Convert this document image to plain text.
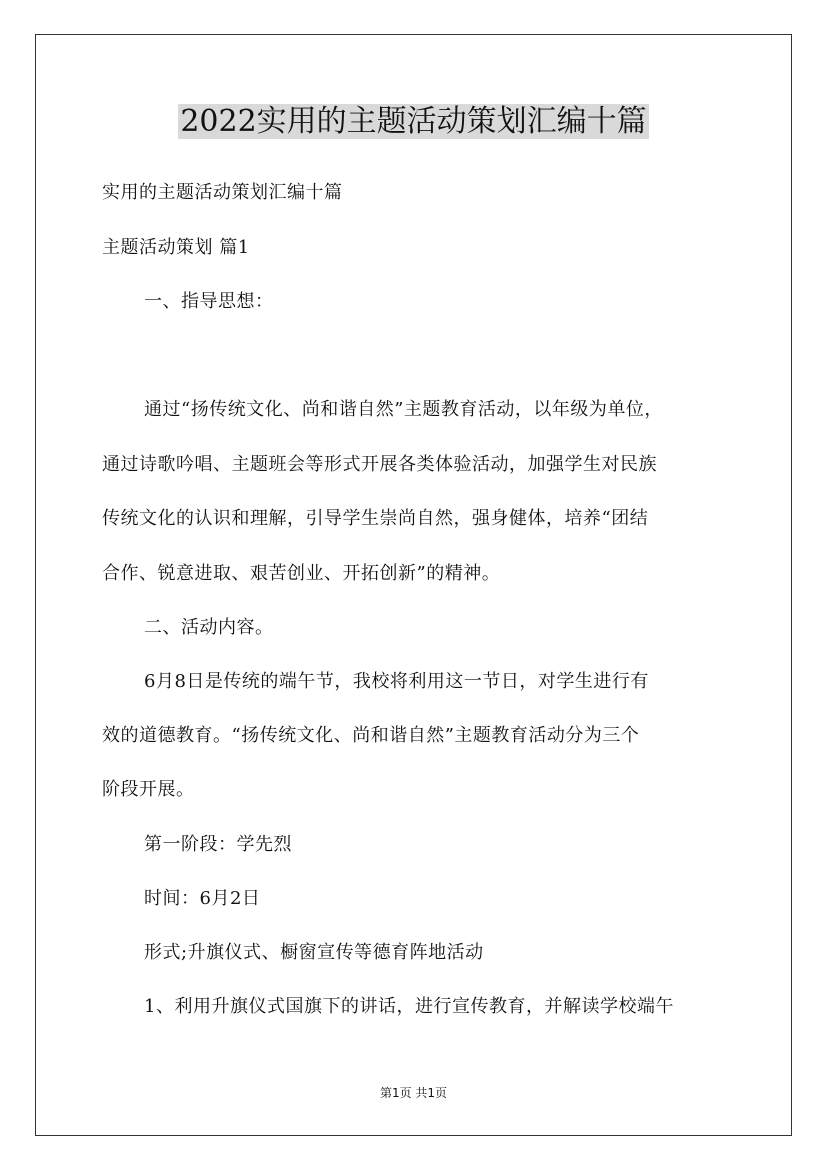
2022实用的主题活动策划汇编十篇
实用的主题活动策划汇编十篇
主题活动策划 篇1
一、指导思想：
通过“扬传统文化、尚和谐自然”主题教育活动，以年级为单位，
通过诗歌吟唱、主题班会等形式开展各类体验活动，加强学生对民族
传统文化的认识和理解，引导学生崇尚自然，强身健体，培养“团结
合作、锐意进取、艰苦创业、开拓创新”的精神。
二、活动内容。
6月8日是传统的端午节，我校将利用这一节日，对学生进行有
效的道德教育。“扬传统文化、尚和谐自然”主题教育活动分为三个
阶段开展。
第一阶段：学先烈
时间：6月2日
形式;升旗仪式、橱窗宣传等德育阵地活动
1、利用升旗仪式国旗下的讲话，进行宣传教育，并解读学校端午
第1页 共1页
